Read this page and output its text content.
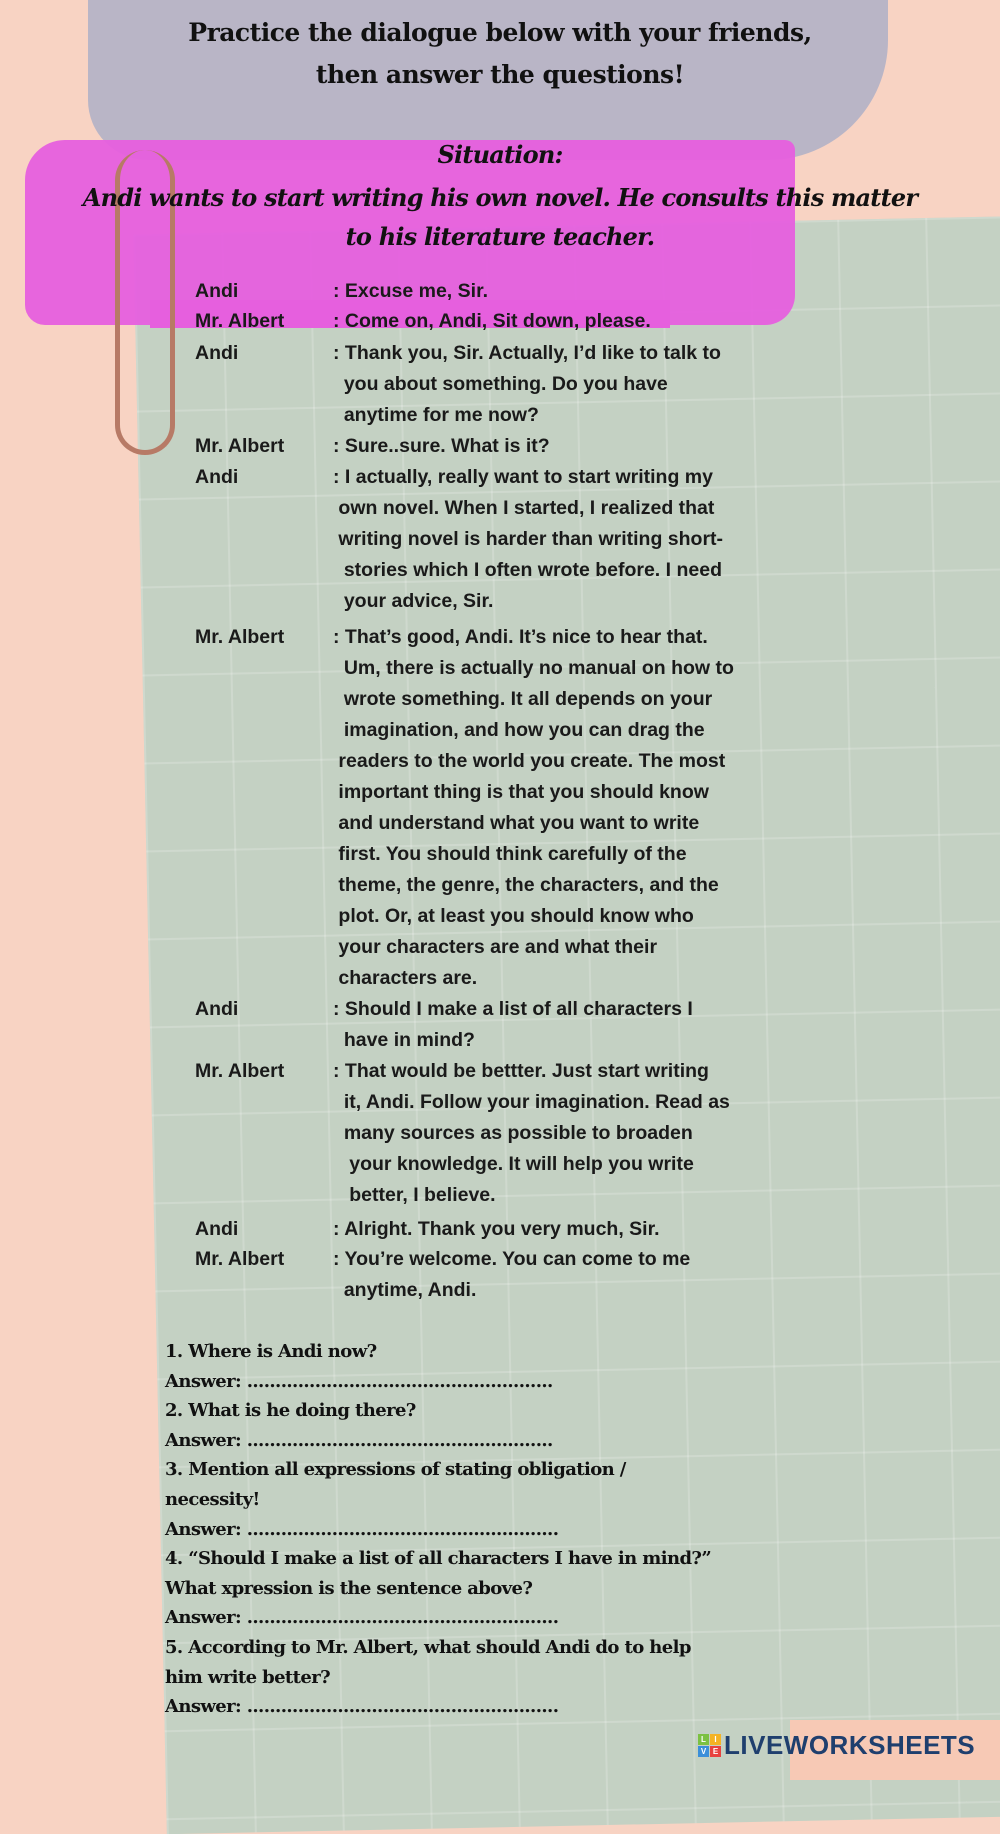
Practice the dialogue below with your friends,
then answer the questions!
Situation:
Andi wants to start writing his own novel. He consults this matter
to his literature teacher.
Andi	: Excuse me, Sir.
Mr. Albert	: Come on, Andi, Sit down, please.
Andi	: Thank you, Sir. Actually, I’d like to talk to
you about something. Do you have
anytime for me now?
Mr. Albert	: Sure..sure. What is it?
Andi	: I actually, really want to start writing my
own novel. When I started, I realized that
writing novel is harder than writing short-
stories which I often wrote before. I need
your advice, Sir.
Mr. Albert	: That’s good, Andi. It’s nice to hear that.
Um, there is actually no manual on how to
wrote something. It all depends on your
imagination, and how you can drag the
readers to the world you create. The most
important thing is that you should know
and understand what you want to write
first. You should think carefully of the
theme, the genre, the characters, and the
plot. Or, at least you should know who
your characters are and what their
characters are.
Andi	: Should I make a list of all characters I
have in mind?
Mr. Albert	: That would be bettter. Just start writing
it, Andi. Follow your imagination. Read as
many sources as possible to broaden
your knowledge. It will help you write
better, I believe.
Andi	: Alright. Thank you very much, Sir.
Mr. Albert	: You’re welcome. You can come to me
anytime, Andi.
1. Where is Andi now?
Answer: ......................................................
2. What is he doing there?
Answer: ......................................................
3. Mention all expressions of stating obligation /
necessity!
Answer: .......................................................
4. “Should I make a list of all characters I have in mind?”
What xpression is the sentence above?
Answer: .......................................................
5. According to Mr. Albert, what should Andi do to help
him write better?
Answer: .......................................................
L	I
V E LIVEWORKSHEETS
